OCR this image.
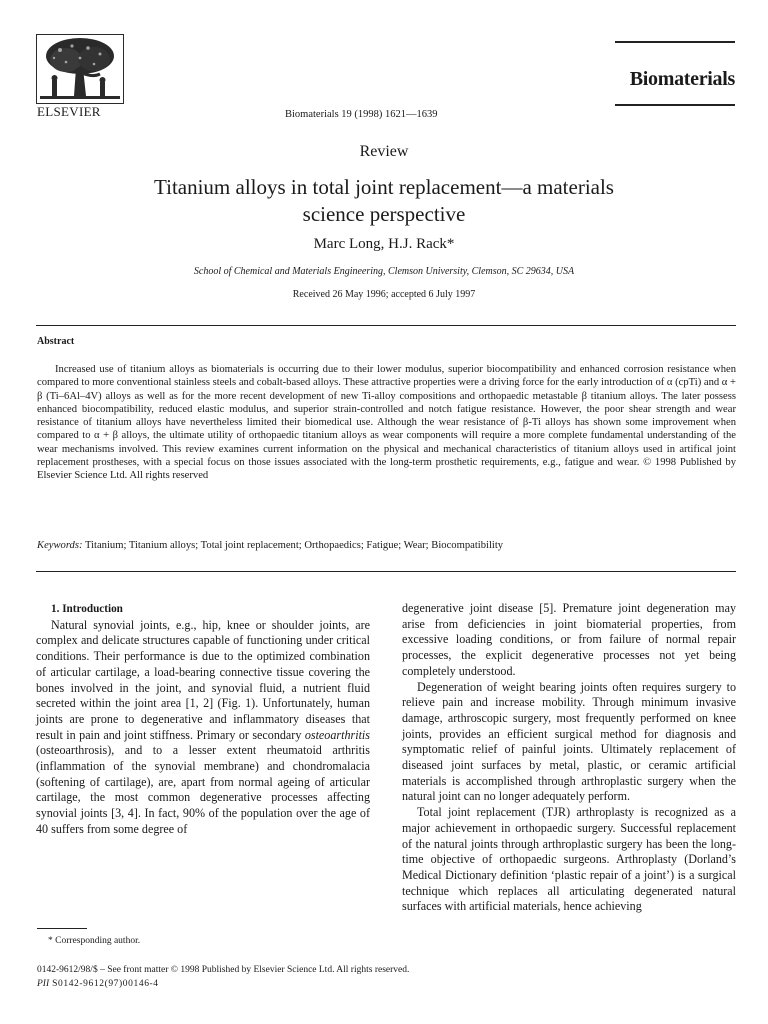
ELSEVIER	Biomaterials 19 (1998) 1621—1639
Biomaterials
Review
Titanium alloys in total joint replacement—a materials
science perspective
Marc Long, H.J. Rack*
School of Chemical and Materials Engineering, Clemson University, Clemson, SC 29634, USA
Received 26 May 1996; accepted 6 July 1997
Abstract
Increased use of titanium alloys as biomaterials is occurring due to their lower modulus, superior biocompatibility and enhanced corrosion resistance when compared to more conventional stainless steels and cobalt-based alloys. These attractive properties were a driving force for the early introduction of α (cpTi) and α + β (Ti–6Al–4V) alloys as well as for the more recent development of new Ti-alloy compositions and orthopaedic metastable β titanium alloys. The later possess enhanced biocompatibility, reduced elastic modulus, and superior strain-controlled and notch fatigue resistance. However, the poor shear strength and wear resistance of titanium alloys have nevertheless limited their biomedical use. Although the wear resistance of β-Ti alloys has shown some improvement when compared to α + β alloys, the ultimate utility of orthopaedic titanium alloys as wear components will require a more complete fundamental understanding of the wear mechanisms involved. This review examines current information on the physical and mechanical characteristics of titanium alloys used in artifical joint replacement prostheses, with a special focus on those issues associated with the long-term prosthetic requirements, e.g., fatigue and wear. © 1998 Published by Elsevier Science Ltd. All rights reserved
Keywords: Titanium; Titanium alloys; Total joint replacement; Orthopaedics; Fatigue; Wear; Biocompatibility

1. Introduction

Natural synovial joints, e.g., hip, knee or shoulder joints, are complex and delicate structures capable of functioning under critical conditions. Their performance is due to the optimized combination of articular cartilage, a load-bearing connective tissue covering the bones involved in the joint, and synovial fluid, a nutrient fluid secreted within the joint area [1, 2] (Fig. 1). Unfortunately, human joints are prone to degenerative and inflammatory diseases that result in pain and joint stiffness. Primary or secondary osteoarthritis (osteoarthrosis), and to a lesser extent rheumatoid arthritis (inflammation of the synovial membrane) and chondromalacia (softening of cartilage), are, apart from normal ageing of articular cartilage, the most common degenerative processes affecting synovial joints [3, 4]. In fact, 90% of the population over the age of 40 suffers from some degree of

degenerative joint disease [5]. Premature joint degeneration may arise from deficiencies in joint biomaterial properties, from excessive loading conditions, or from failure of normal repair processes, the explicit degenerative processes not yet being completely understood.

Degeneration of weight bearing joints often requires surgery to relieve pain and increase mobility. Through minimum invasive damage, arthroscopic surgery, most frequently performed on knee joints, provides an efficient surgical method for diagnosis and symptomatic relief of painful joints. Ultimately replacement of diseased joint surfaces by metal, plastic, or ceramic artificial materials is accomplished through arthroplastic surgery when the natural joint can no longer adequately perform.

Total joint replacement (TJR) arthroplasty is recognized as a major achievement in orthopaedic surgery. Successful replacement of the natural joints through arthroplastic surgery has been the long-time objective of orthopaedic surgeons. Arthroplasty (Dorland’s Medical Dictionary definition ‘plastic repair of a joint’) is a surgical technique which replaces all articulating degenerated natural surfaces with artificial materials, hence achieving

* Corresponding author.
0142-9612/98/$ – See front matter © 1998 Published by Elsevier Science Ltd. All rights reserved.
PII S0142-9612(97)00146-4
